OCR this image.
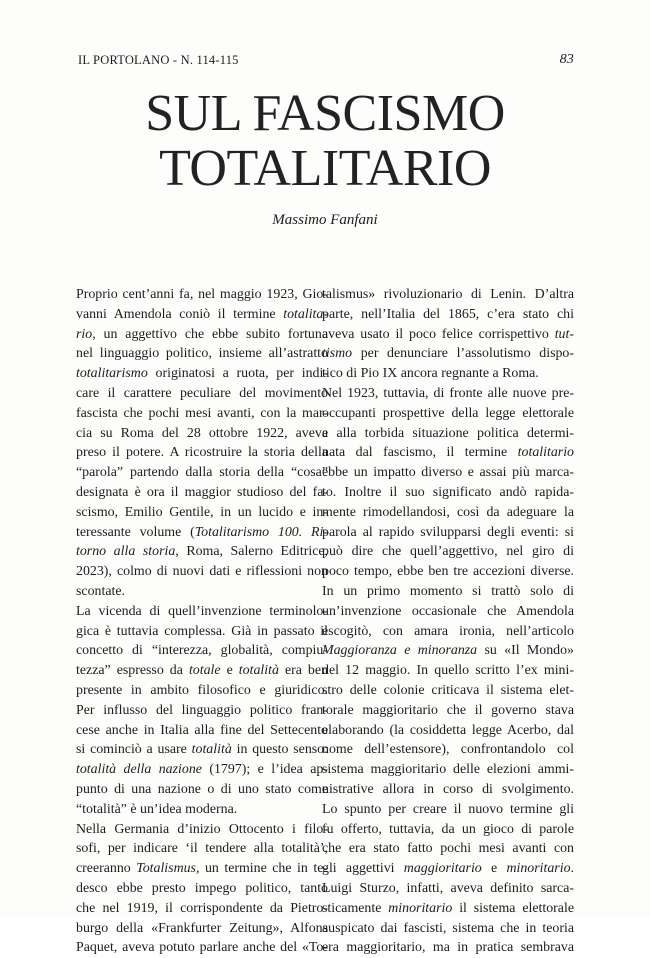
IL PORTOLANO - N. 114-115	83
SUL FASCISMO
TOTALITARIO
Massimo Fanfani
Proprio cent’anni fa, nel maggio 1923, Gio-
vanni Amendola coniò il termine totalita-
rio, un aggettivo che ebbe subito fortuna
nel linguaggio politico, insieme all’astratto
totalitarismo originatosi a ruota, per indi-
care il carattere peculiare del movimento
fascista che pochi mesi avanti, con la mar-
cia su Roma del 28 ottobre 1922, aveva
preso il potere. A ricostruire la storia della
“parola” partendo dalla storia della “cosa”
designata è ora il maggior studioso del fa-
scismo, Emilio Gentile, in un lucido e in-
teressante volume (Totalitarismo 100. Ri-
torno alla storia, Roma, Salerno Editrice,
2023), colmo di nuovi dati e riflessioni non
scontate.
La vicenda di quell’invenzione terminolo-
gica è tuttavia complessa. Già in passato il
concetto di “interezza, globalità, compiu-
tezza” espresso da totale e totalità era ben
presente in ambito filosofico e giuridico.
Per influsso del linguaggio politico fran-
cese anche in Italia alla fine del Settecento
si cominciò a usare totalità in questo senso:
totalità della nazione (1797); e l’idea ap-
punto di una nazione o di uno stato come
“totalità” è un’idea moderna.
Nella Germania d’inizio Ottocento i filo-
sofi, per indicare ‘il tendere alla totalità’,
creeranno Totalismus, un termine che in te-
desco ebbe presto impego politico, tanto
che nel 1919, il corrispondente da Pietro-
burgo della «Frankfurter Zeitung», Alfons
Paquet, aveva potuto parlare anche del «To-
talismus» rivoluzionario di Lenin. D’altra
parte, nell’Italia del 1865, c’era stato chi
aveva usato il poco felice corrispettivo tut-
tismo per denunciare l’assolutismo dispo-
tico di Pio IX ancora regnante a Roma.
Nel 1923, tuttavia, di fronte alle nuove pre-
occupanti prospettive della legge elettorale
e alla torbida situazione politica determi-
nata dal fascismo, il termine totalitario
ebbe un impatto diverso e assai più marca-
to. Inoltre il suo significato andò rapida-
mente rimodellandosi, così da adeguare la
parola al rapido svilupparsi degli eventi: si
può dire che quell’aggettivo, nel giro di
poco tempo, ebbe ben tre accezioni diverse.
In un primo momento si trattò solo di
un’invenzione occasionale che Amendola
escogitò, con amara ironia, nell’articolo
Maggioranza e minoranza su «Il Mondo»
del 12 maggio. In quello scritto l’ex mini-
stro delle colonie criticava il sistema elet-
torale maggioritario che il governo stava
elaborando (la cosiddetta legge Acerbo, dal
nome dell’estensore), confrontandolo col
sistema maggioritario delle elezioni ammi-
nistrative allora in corso di svolgimento.
Lo spunto per creare il nuovo termine gli
fu offerto, tuttavia, da un gioco di parole
che era stato fatto pochi mesi avanti con
gli aggettivi maggioritario e minoritario.
Luigi Sturzo, infatti, aveva definito sarca-
sticamente minoritario il sistema elettorale
auspicato dai fascisti, sistema che in teoria
era maggioritario, ma in pratica sembrava
